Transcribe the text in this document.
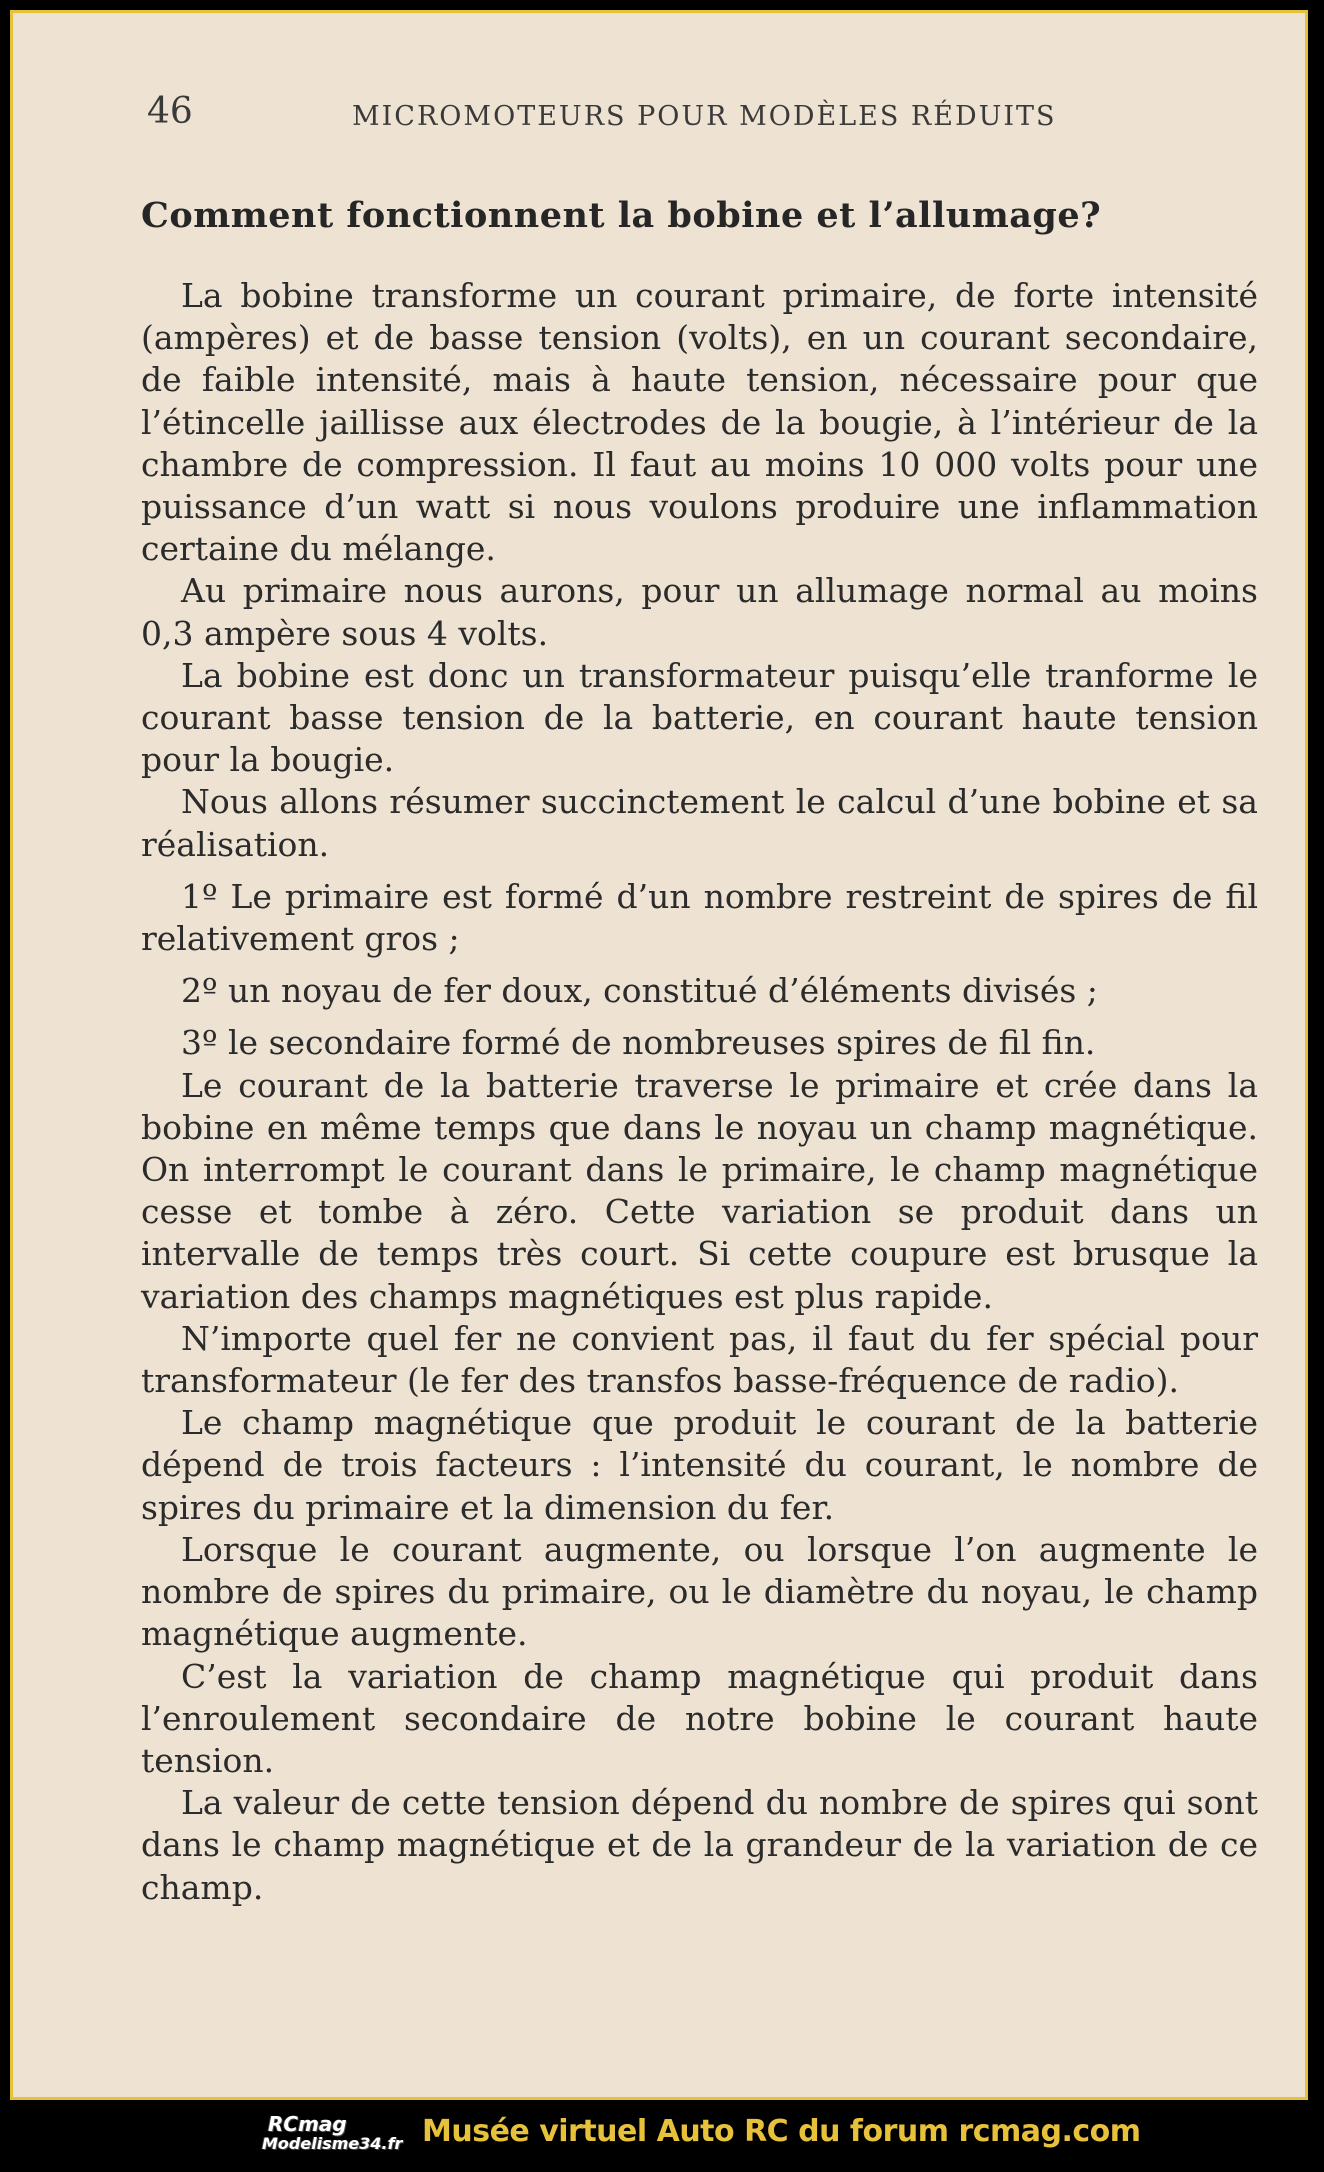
46	MICROMOTEURS POUR MODÈLES RÉDUITS
Comment fonctionnent la bobine et l’allumage?

La bobine transforme un courant primaire, de forte intensité (ampères) et de basse tension (volts), en un courant secondaire, de faible intensité, mais à haute tension, nécessaire pour que l’étincelle jaillisse aux électrodes de la bougie, à l’intérieur de la chambre de compression. Il faut au moins 10 000 volts pour une puissance d’un watt si nous voulons produire une inflammation certaine du mélange.

Au primaire nous aurons, pour un allumage normal au moins 0,3 ampère sous 4 volts.

La bobine est donc un transformateur puisqu’elle tranforme le courant basse tension de la batterie, en courant haute tension pour la bougie.

Nous allons résumer succinctement le calcul d’une bobine et sa réalisation.

1º Le primaire est formé d’un nombre restreint de spires de fil relativement gros ;

2º un noyau de fer doux, constitué d’éléments divisés ;

3º le secondaire formé de nombreuses spires de fil fin.

Le courant de la batterie traverse le primaire et crée dans la bobine en même temps que dans le noyau un champ magnétique. On interrompt le courant dans le primaire, le champ magnétique cesse et tombe à zéro. Cette variation se produit dans un intervalle de temps très court. Si cette coupure est brusque la variation des champs magnétiques est plus rapide.

N’importe quel fer ne convient pas, il faut du fer spécial pour transformateur (le fer des transfos basse-fréquence de radio).

Le champ magnétique que produit le courant de la batterie dépend de trois facteurs : l’intensité du courant, le nombre de spires du primaire et la dimension du fer.

Lorsque le courant augmente, ou lorsque l’on augmente le nombre de spires du primaire, ou le diamètre du noyau, le champ magnétique augmente.

C’est la variation de champ magnétique qui produit dans l’enroulement secondaire de notre bobine le courant haute tension.

La valeur de cette tension dépend du nombre de spires qui sont dans le champ magnétique et de la grandeur de la variation de ce champ.

RCmag
Modelisme34.fr Musée virtuel Auto RC du forum rcmag.com
